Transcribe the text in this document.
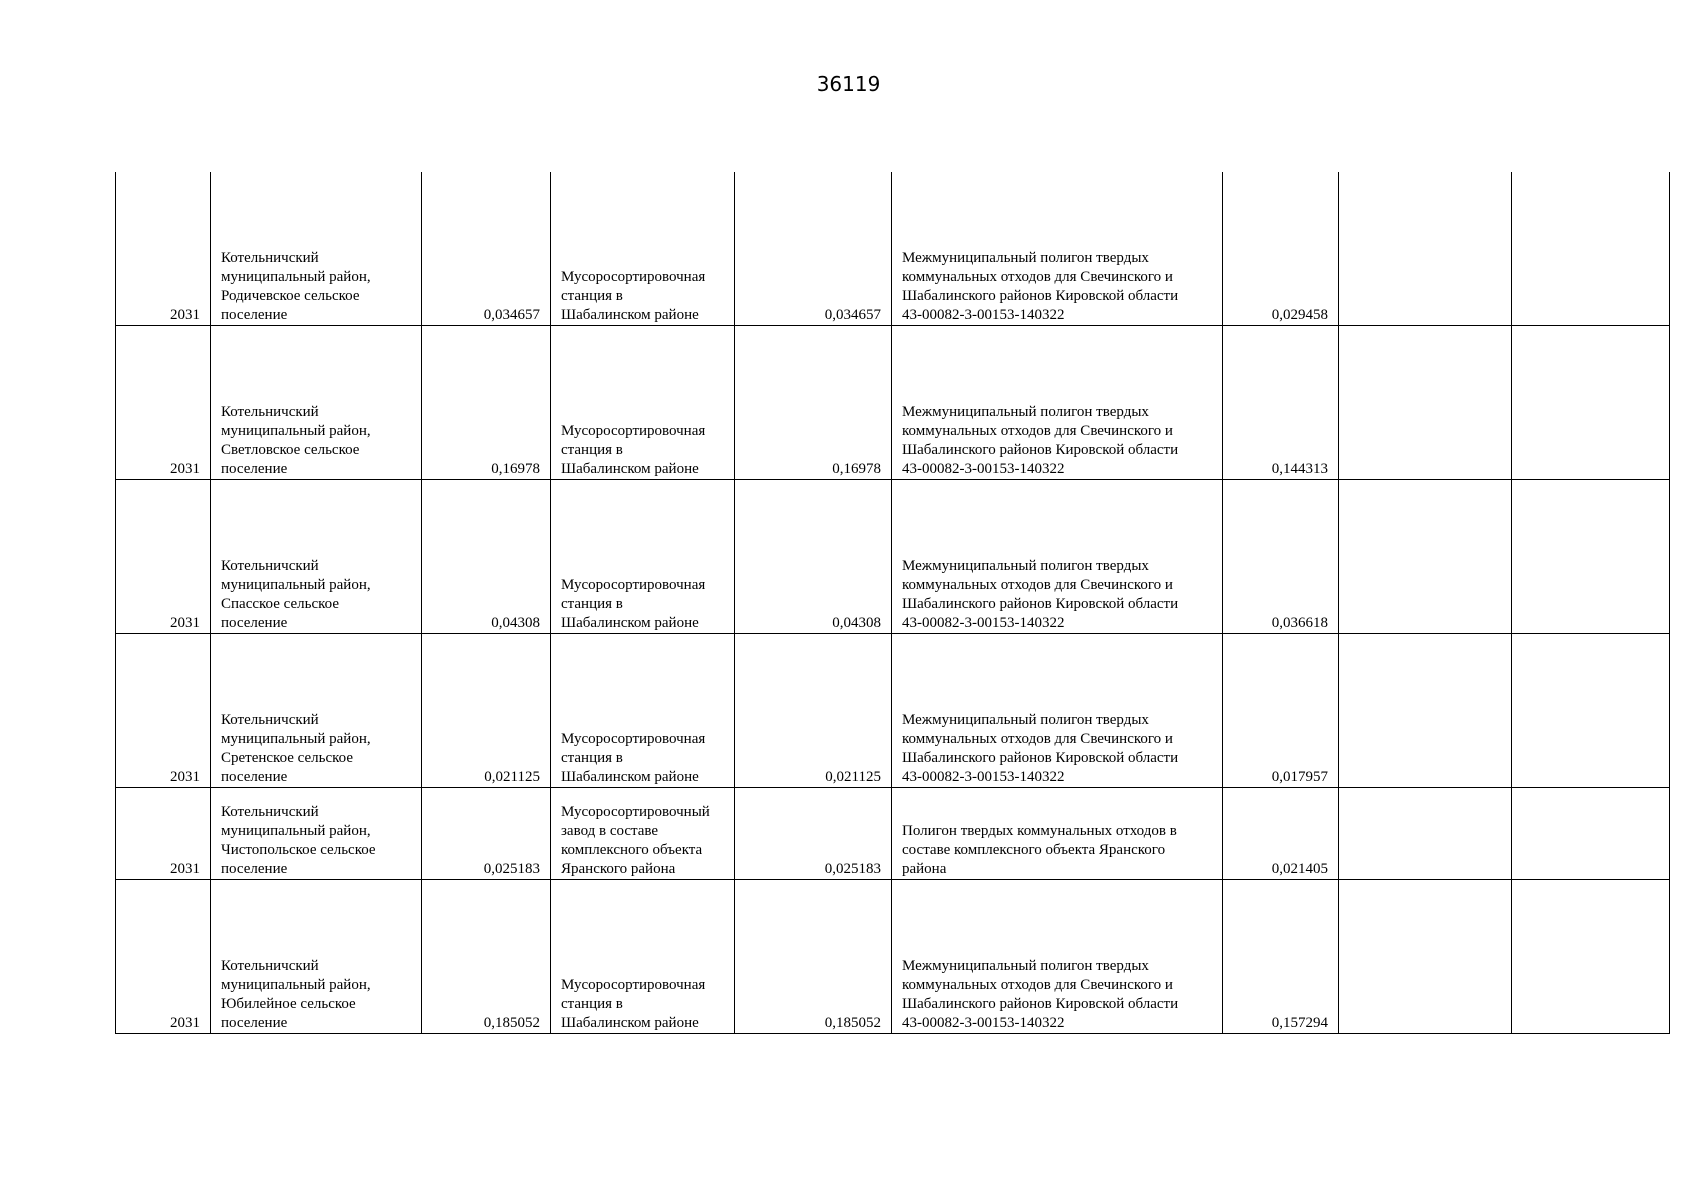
36119
2031	Котельничский
муниципальный район,
Родичевское сельское
поселение	0,034657	Мусоросортировочная
станция в
Шабалинском районе	0,034657	Межмуниципальный полигон твердых
коммунальных отходов для Свечинского и
Шабалинского районов Кировской области
43-00082-3-00153-140322	0,029458		
2031	Котельничский
муниципальный район,
Светловское сельское
поселение	0,16978	Мусоросортировочная
станция в
Шабалинском районе	0,16978	Межмуниципальный полигон твердых
коммунальных отходов для Свечинского и
Шабалинского районов Кировской области
43-00082-3-00153-140322	0,144313		
2031	Котельничский
муниципальный район,
Спасское сельское
поселение	0,04308	Мусоросортировочная
станция в
Шабалинском районе	0,04308	Межмуниципальный полигон твердых
коммунальных отходов для Свечинского и
Шабалинского районов Кировской области
43-00082-3-00153-140322	0,036618		
2031	Котельничский
муниципальный район,
Сретенское сельское
поселение	0,021125	Мусоросортировочная
станция в
Шабалинском районе	0,021125	Межмуниципальный полигон твердых
коммунальных отходов для Свечинского и
Шабалинского районов Кировской области
43-00082-3-00153-140322	0,017957		
2031	Котельничский
муниципальный район,
Чистопольское сельское
поселение	0,025183	Мусоросортировочный
завод в составе
комплексного объекта
Яранского района	0,025183	Полигон твердых коммунальных отходов в
составе комплексного объекта Яранского
района	0,021405		
2031	Котельничский
муниципальный район,
Юбилейное сельское
поселение	0,185052	Мусоросортировочная
станция в
Шабалинском районе	0,185052	Межмуниципальный полигон твердых
коммунальных отходов для Свечинского и
Шабалинского районов Кировской области
43-00082-3-00153-140322	0,157294		
